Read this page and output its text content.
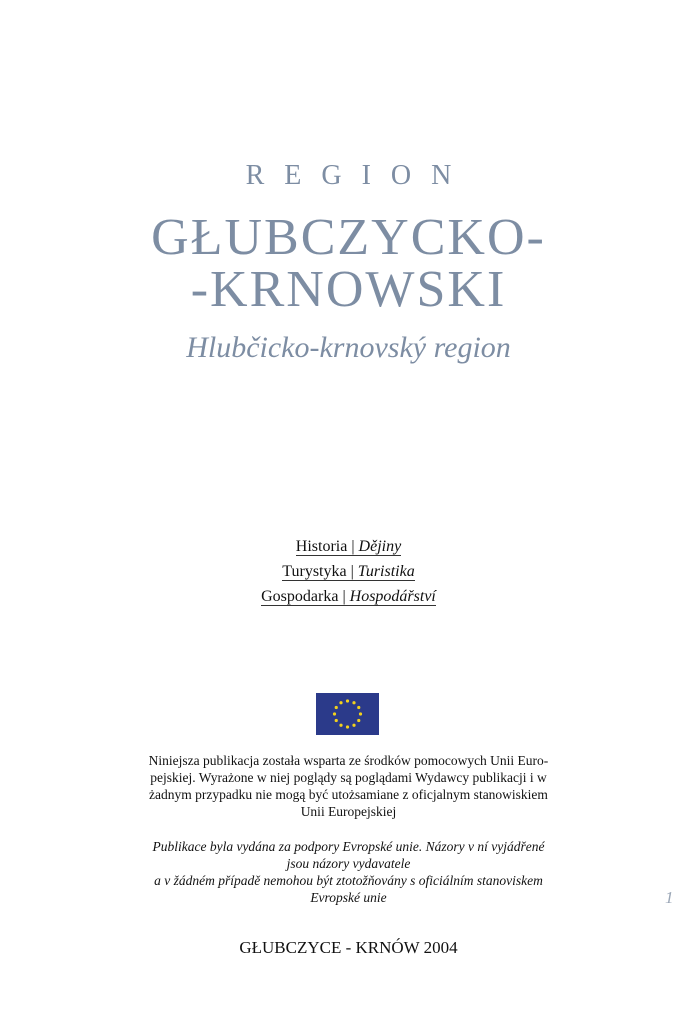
REGION
GŁUBCZYCKO-
-KRNOWSKI
Hlubčicko-krnovský region
Historia | Dějiny
Turystyka | Turistika
Gospodarka | Hospodářství
Niniejsza publikacja została wsparta ze środków pomocowych Unii Euro-
pejskiej. Wyrażone w niej poglądy są poglądami Wydawcy publikacji i w
żadnym przypadku nie mogą być utożsamiane z oficjalnym stanowiskiem
Unii Europejskiej
Publikace byla vydána za podpory Evropské unie. Názory v ní vyjádřené
jsou názory vydavatele
a v žádném případě nemohou být ztotožňovány s oficiálním stanoviskem
Evropské unie	1
GŁUBCZYCE - KRNÓW 2004
